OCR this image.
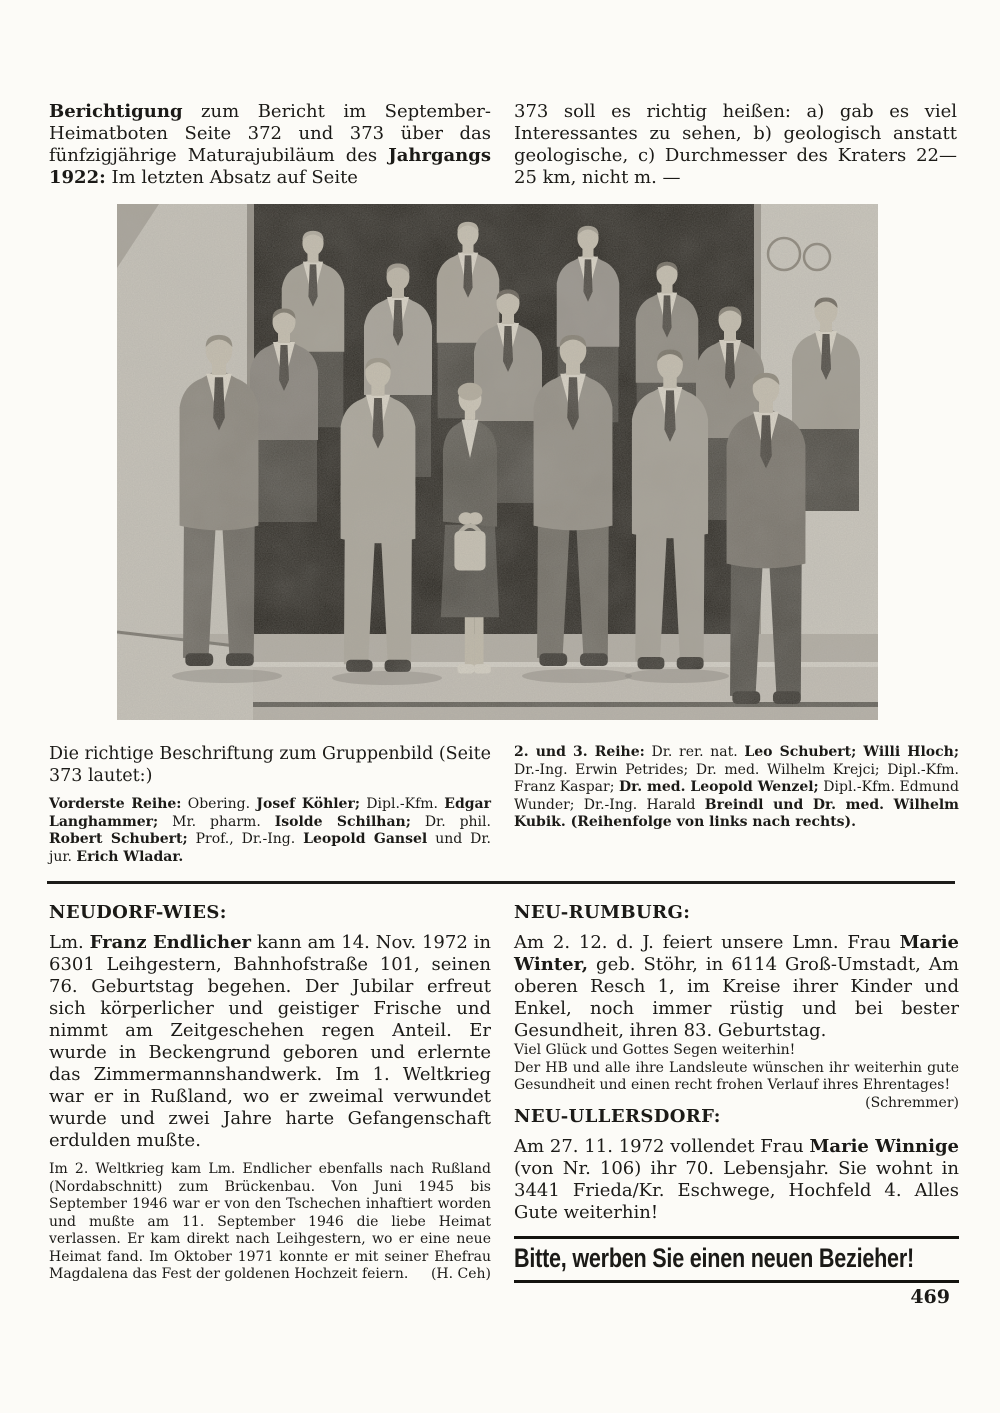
Berichtigung zum Bericht im September-Heimatboten Seite 372 und 373 über das fünfzigjährige Maturajubiläum des Jahrgangs 1922: Im letzten Absatz auf Seite

373 soll es richtig heißen: a) gab es viel Interessantes zu sehen, b) geologisch anstatt geologische, c) Durchmesser des Kraters 22—25 km, nicht m. —

Die richtige Beschriftung zum Gruppenbild (Seite 373 lautet:)

Vorderste Reihe: Obering. Josef Köhler; Dipl.-Kfm. Edgar Langhammer; Mr. pharm. Isolde Schilhan; Dr. phil. Robert Schubert; Prof., Dr.-Ing. Leopold Gansel und Dr. jur. Erich Wladar.

2. und 3. Reihe: Dr. rer. nat. Leo Schubert; Willi Hloch; Dr.-Ing. Erwin Petrides; Dr. med. Wilhelm Krejci; Dipl.-Kfm. Franz Kaspar; Dr. med. Leopold Wenzel; Dipl.-Kfm. Edmund Wunder; Dr.-Ing. Harald Breindl und Dr. med. Wilhelm Kubik. (Reihenfolge von links nach rechts).

NEUDORF-WIES:

Lm. Franz Endlicher kann am 14. Nov. 1972 in 6301 Leihgestern, Bahnhofstraße 101, seinen 76. Geburtstag begehen. Der Jubilar erfreut sich körperlicher und geistiger Frische und nimmt am Zeitgeschehen regen Anteil. Er wurde in Beckengrund geboren und erlernte das Zimmermannshandwerk. Im 1. Weltkrieg war er in Rußland, wo er zweimal verwundet wurde und zwei Jahre harte Gefangenschaft erdulden mußte.

Im 2. Weltkrieg kam Lm. Endlicher ebenfalls nach Rußland (Nordabschnitt) zum Brückenbau. Von Juni 1945 bis September 1946 war er von den Tschechen inhaftiert worden und mußte am 11. September 1946 die liebe Heimat verlassen. Er kam direkt nach Leihgestern, wo er eine neue Heimat fand. Im Oktober 1971 konnte er mit seiner Ehefrau Magdalena das Fest der goldenen Hochzeit feiern. (H. Ceh)

NEU-RUMBURG:

Am 2. 12. d. J. feiert unsere Lmn. Frau Marie Winter, geb. Stöhr, in 6114 Groß-Umstadt, Am oberen Resch 1, im Kreise ihrer Kinder und Enkel, noch immer rüstig und bei bester Gesundheit, ihren 83. Geburtstag.

Viel Glück und Gottes Segen weiterhin!

Der HB und alle ihre Landsleute wünschen ihr weiterhin gute Gesundheit und einen recht frohen Verlauf ihres Ehrentages!
(Schremmer)

NEU-ULLERSDORF:

Am 27. 11. 1972 vollendet Frau Marie Winnige (von Nr. 106) ihr 70. Lebensjahr. Sie wohnt in 3441 Frieda/Kr. Eschwege, Hochfeld 4. Alles Gute weiterhin!

Bitte, werben Sie einen neuen Bezieher!
469
